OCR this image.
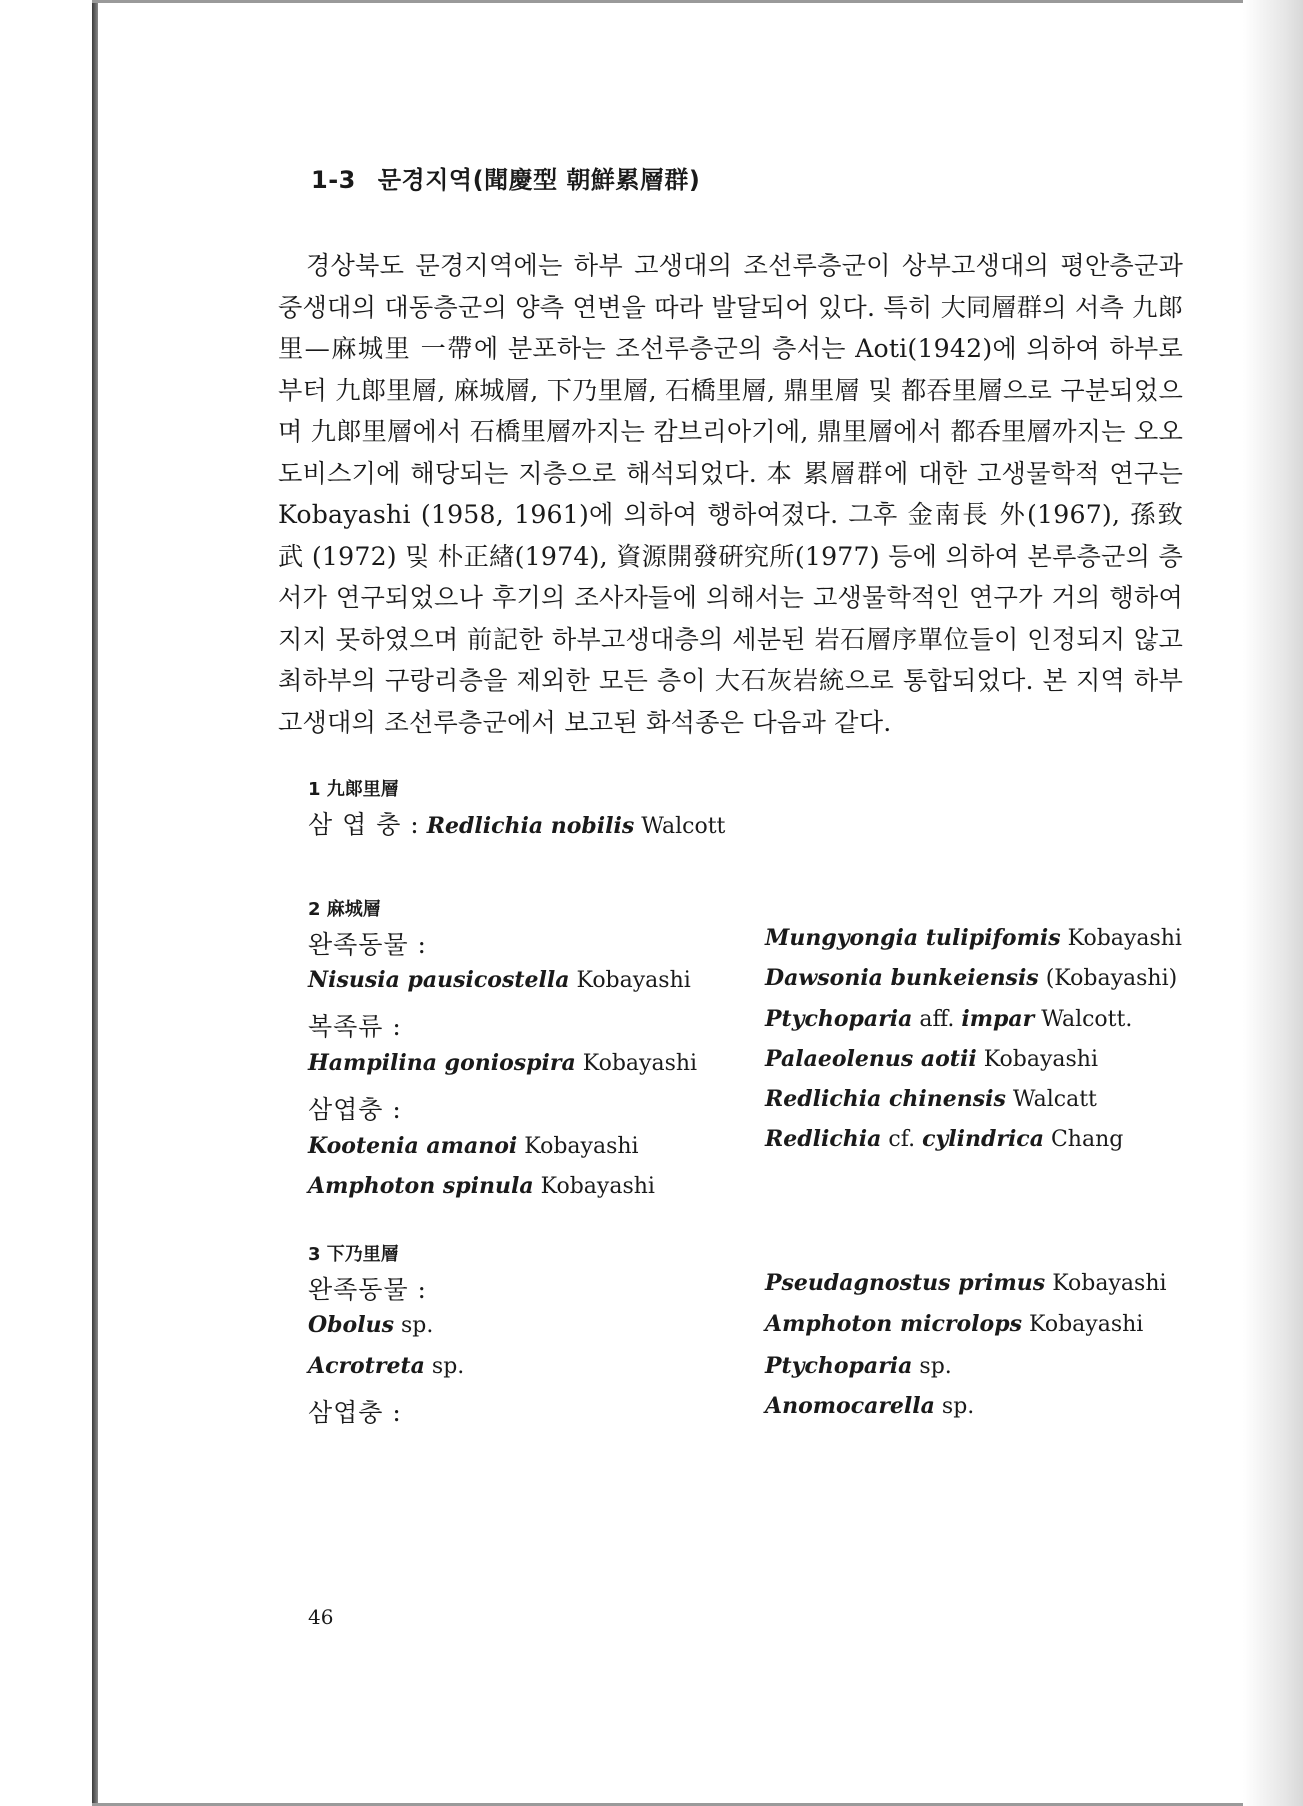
1-3 문경지역(聞慶型 朝鮮累層群)

경상북도 문경지역에는 하부 고생대의 조선루층군이 상부고생대의 평안층군과 중생대의 대동층군의 양측 연변을 따라 발달되어 있다. 특히 大同層群의 서측 九郞里—麻城里 一帶에 분포하는 조선루층군의 층서는 Aoti(1942)에 의하여 하부로부터 九郞里層, 麻城層, 下乃里層, 石橋里層, 鼎里層 및 都吞里層으로 구분되었으며 九郞里層에서 石橋里層까지는 캄브리아기에, 鼎里層에서 都呑里層까지는 오오도비스기에 해당되는 지층으로 해석되었다. 本 累層群에 대한 고생물학적 연구는 Kobayashi (1958, 1961)에 의하여 행하여졌다. 그후 金南長 外(1967), 孫致武 (1972) 및 朴正緖(1974), 資源開發硏究所(1977) 등에 의하여 본루층군의 층서가 연구되었으나 후기의 조사자들에 의해서는 고생물학적인 연구가 거의 행하여지지 못하였으며 前記한 하부고생대층의 세분된 岩石層序單位들이 인정되지 않고 최하부의 구랑리층을 제외한 모든 층이 大石灰岩統으로 통합되었다. 본 지역 하부 고생대의 조선루층군에서 보고된 화석종은 다음과 같다.

1 九郞里層
삼 엽 충 : Redlichia nobilis Walcott
2 麻城層
완족동물 :
Nisusia pausicostella Kobayashi
복족류 :
Hampilina goniospira Kobayashi
삼엽충 :
Kootenia amanoi Kobayashi
Amphoton spinula Kobayashi
Mungyongia tulipifomis Kobayashi
Dawsonia bunkeiensis (Kobayashi)
Ptychoparia aff. impar Walcott.
Palaeolenus aotii Kobayashi
Redlichia chinensis Walcatt
Redlichia cf. cylindrica Chang
3 下乃里層
완족동물 :
Obolus sp.
Acrotreta sp.
삼엽충 :
Pseudagnostus primus Kobayashi
Amphoton microlops Kobayashi
Ptychoparia sp.
Anomocarella sp.
46
